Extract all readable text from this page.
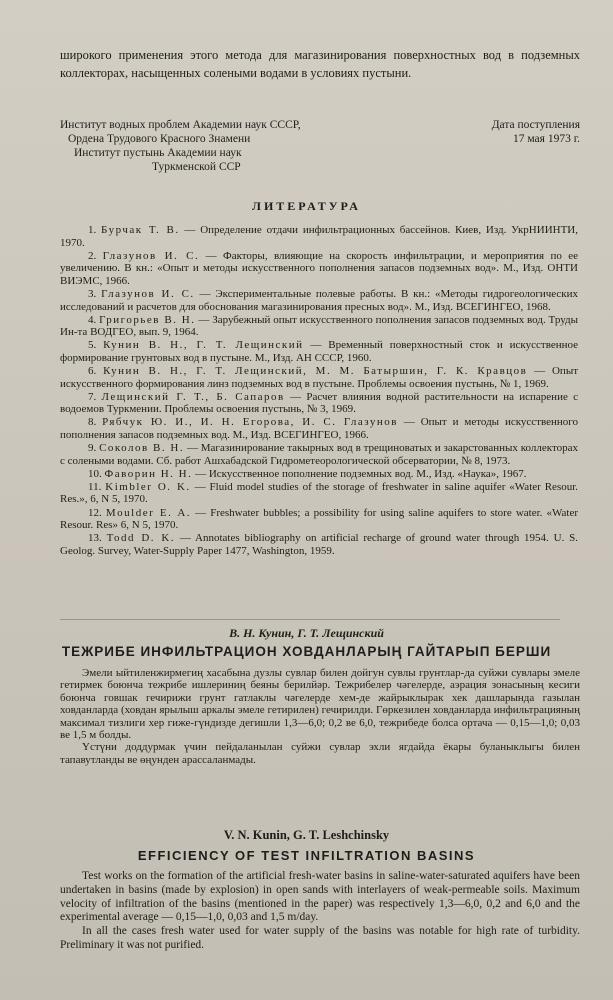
широкого применения этого метода для магазинирования поверхностных вод в подземных коллекторах, насыщенных солеными водами в условиях пустыни.

Институт водных проблем Академии наук СССР,
Ордена Трудового Красного Знамени
Институт пустынь Академии наук
Туркменской ССР
Дата поступления
17 мая 1973 г.
ЛИТЕРАТУРА

1. Бурчак Т. В. — Определение отдачи инфильтрационных бассейнов. Киев, Изд. УкрНИИНТИ, 1970.

2. Глазунов И. С. — Факторы, влияющие на скорость инфильтрации, и мероприятия по ее увеличению. В кн.: «Опыт и методы искусственного пополнения запасов подземных вод». М., Изд. ОНТИ ВИЭМС, 1966.

3. Глазунов И. С. — Экспериментальные полевые работы. В кн.: «Методы гидрогеологических исследований и расчетов для обоснования магазинирования пресных вод». М., Изд. ВСЕГИНГЕО, 1968.

4. Григорьев В. Н. — Зарубежный опыт искусственного пополнения запасов подземных вод. Труды Ин-та ВОДГЕО, вып. 9, 1964.

5. Кунин В. Н., Г. Т. Лещинский — Временный поверхностный сток и искусственное формирование грунтовых вод в пустыне. М., Изд. АН СССР, 1960.

6. Кунин В. Н., Г. Т. Лещинский, М. М. Батыршин, Г. К. Кравцов — Опыт искусственного формирования линз подземных вод в пустыне. Проблемы освоения пустынь, № 1, 1969.

7. Лещинский Г. Т., Б. Сапаров — Расчет влияния водной растительности на испарение с водоемов Туркмении. Проблемы освоения пустынь, № 3, 1969.

8. Рябчук Ю. И., И. Н. Егорова, И. С. Глазунов — Опыт и методы искусственного пополнения запасов подземных вод. М., Изд. ВСЕГИНГЕО, 1966.

9. Соколов В. Н. — Магазинирование такырных вод в трещиноватых и закарстованных коллекторах с солеными водами. Сб. работ Ашхабадской Гидрометеорологической обсерватории, № 8, 1973.

10. Фаворин Н. Н. — Искусственное пополнение подземных вод. М., Изд. «Наука», 1967.

11. Kimbler O. K. — Fluid model studies of the storage of freshwater in saline aquifer «Water Resour. Res.», 6, N 5, 1970.

12. Moulder E. A. — Freshwater bubbles; a possibility for using saline aquifers to store water. «Water Resour. Res» 6, N 5, 1970.

13. Todd D. K. — Annotates bibliography on artificial recharge of ground water through 1954. U. S. Geolog. Survey, Water-Supply Paper 1477, Washington, 1959.

В. Н. Кунин, Г. Т. Лещинский
ТЕЖРИБЕ ИНФИЛЬТРАЦИОН ХОВДАНЛАРЫҢ ГАЙТАРЫП БЕРШИ

Эмели ыйтиленжирмегиң хасабына дузлы сувлар билен дойгун сувлы грунтлар-да суйжи сувлары эмеле гетирмек боюнча тежрибе ишлериниң беяны берилйәр. Тежрибелер чәгелерде, аэрация зонасының кесиги боюнча говшак гечирижи грунт гатлаклы чәгелерде хем-де жайрыклырак хек дашларында газылан ховданларда (ховдан ярылыш аркалы эмеле гетирилен) гечирилди. Гөркезилен ховданларда инфильтрацияның максимал тизлиги хер гиже-гүндизде дегишли 1,3—6,0; 0,2 ве 6,0, тежрибеде болса ортача — 0,15—1,0; 0,03 ве 1,5 м болды.

Үстүни доддурмак үчин пейдаланылан суйжи сувлар эхли ягдайда ёкары буланыклыгы билен тапавутланды ве өңунден арассаланмады.

V. N. Kunin, G. T. Leshchinsky
EFFICIENCY OF TEST INFILTRATION BASINS

Test works on the formation of the artificial fresh-water basins in saline-water-saturated aquifers have been undertaken in basins (made by explosion) in open sands with interlayers of weak-permeable soils. Maximum velocity of infiltration of the basins (mentioned in the paper) was respectively 1,3—6,0, 0,2 and 6,0 and the experimental average — 0,15—1,0, 0,03 and 1,5 m/day.

In all the cases fresh water used for water supply of the basins was notable for high rate of turbidity. Preliminary it was not purified.
